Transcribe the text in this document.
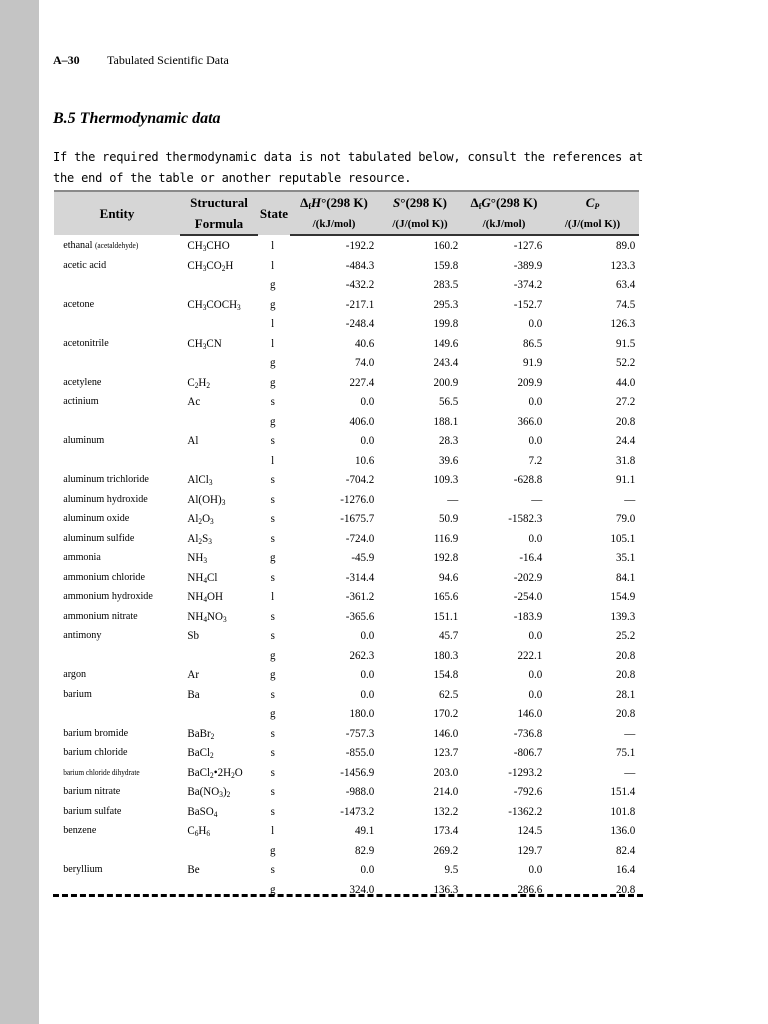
A–30 Tabulated Scientific Data
B.5 Thermodynamic data
If the required thermodynamic data is not tabulated below, consult the references at the end of the table or another reputable resource.
Entity	Structural	State	$\Delta_fH^\circ(298$ K)	S°(298 K)	$\Delta_fG^\circ(298$ K)	$C_P$
	Formula		/(kJ/mol)	/(J/(mol K))	/(kJ/mol)	/(J/(mol K))
ethanal (acetaldehyde)	$CH_3CHO$	l	-192.2	160.2	-127.6	89.0
acetic acid	$CH_3CO_2H$	l	-484.3	159.8	-389.9	123.3
		g	-432.2	283.5	-374.2	63.4
acetone	$CH_3COCH_3$	g	-217.1	295.3	-152.7	74.5
		l	-248.4	199.8	0.0	126.3
acetonitrile	$CH_3CN$	l	40.6	149.6	86.5	91.5
		g	74.0	243.4	91.9	52.2
acetylene	$C_2H_2$	g	227.4	200.9	209.9	44.0
actinium	Ac	s	0.0	56.5	0.0	27.2
		g	406.0	188.1	366.0	20.8
aluminum	Al	s	0.0	28.3	0.0	24.4
		l	10.6	39.6	7.2	31.8
aluminum trichloride	AlCl$_3$	s	-704.2	109.3	-628.8	91.1
aluminum hydroxide	$Al(OH)_3$	s	-1276.0	—	—	—
aluminum oxide	$Al_2O_3$	s	-1675.7	50.9	-1582.3	79.0
aluminum sulfide	$Al_2S_3$	s	-724.0	116.9	0.0	105.1
ammonia	$NH_3$	g	-45.9	192.8	-16.4	35.1
ammonium chloride	$NH_4Cl$	s	-314.4	94.6	-202.9	84.1
ammonium hydroxide	$NH_4OH$	l	-361.2	165.6	-254.0	154.9
ammonium nitrate	$NH_4NO_3$	s	-365.6	151.1	-183.9	139.3
antimony	Sb	s	0.0	45.7	0.0	25.2
		g	262.3	180.3	222.1	20.8
argon	Ar	g	0.0	154.8	0.0	20.8
barium	Ba	s	0.0	62.5	0.0	28.1
		g	180.0	170.2	146.0	20.8
barium bromide	BaBr$_2$	s	-757.3	146.0	-736.8	—
barium chloride	BaCl$_2$	s	-855.0	123.7	-806.7	75.1
barium chloride dihydrate	$BaCl_2•2H_2O$	s	-1456.9	203.0	-1293.2	—
barium nitrate	$Ba(NO_3)_2$	s	-988.0	214.0	-792.6	151.4
barium sulfate	BaSO$_4$	s	-1473.2	132.2	-1362.2	101.8
benzene	$C_6H_6$	l	49.1	173.4	124.5	136.0
		g	82.9	269.2	129.7	82.4
beryllium	Be	s	0.0	9.5	0.0	16.4
		g	324.0	136.3	286.6	20.8
